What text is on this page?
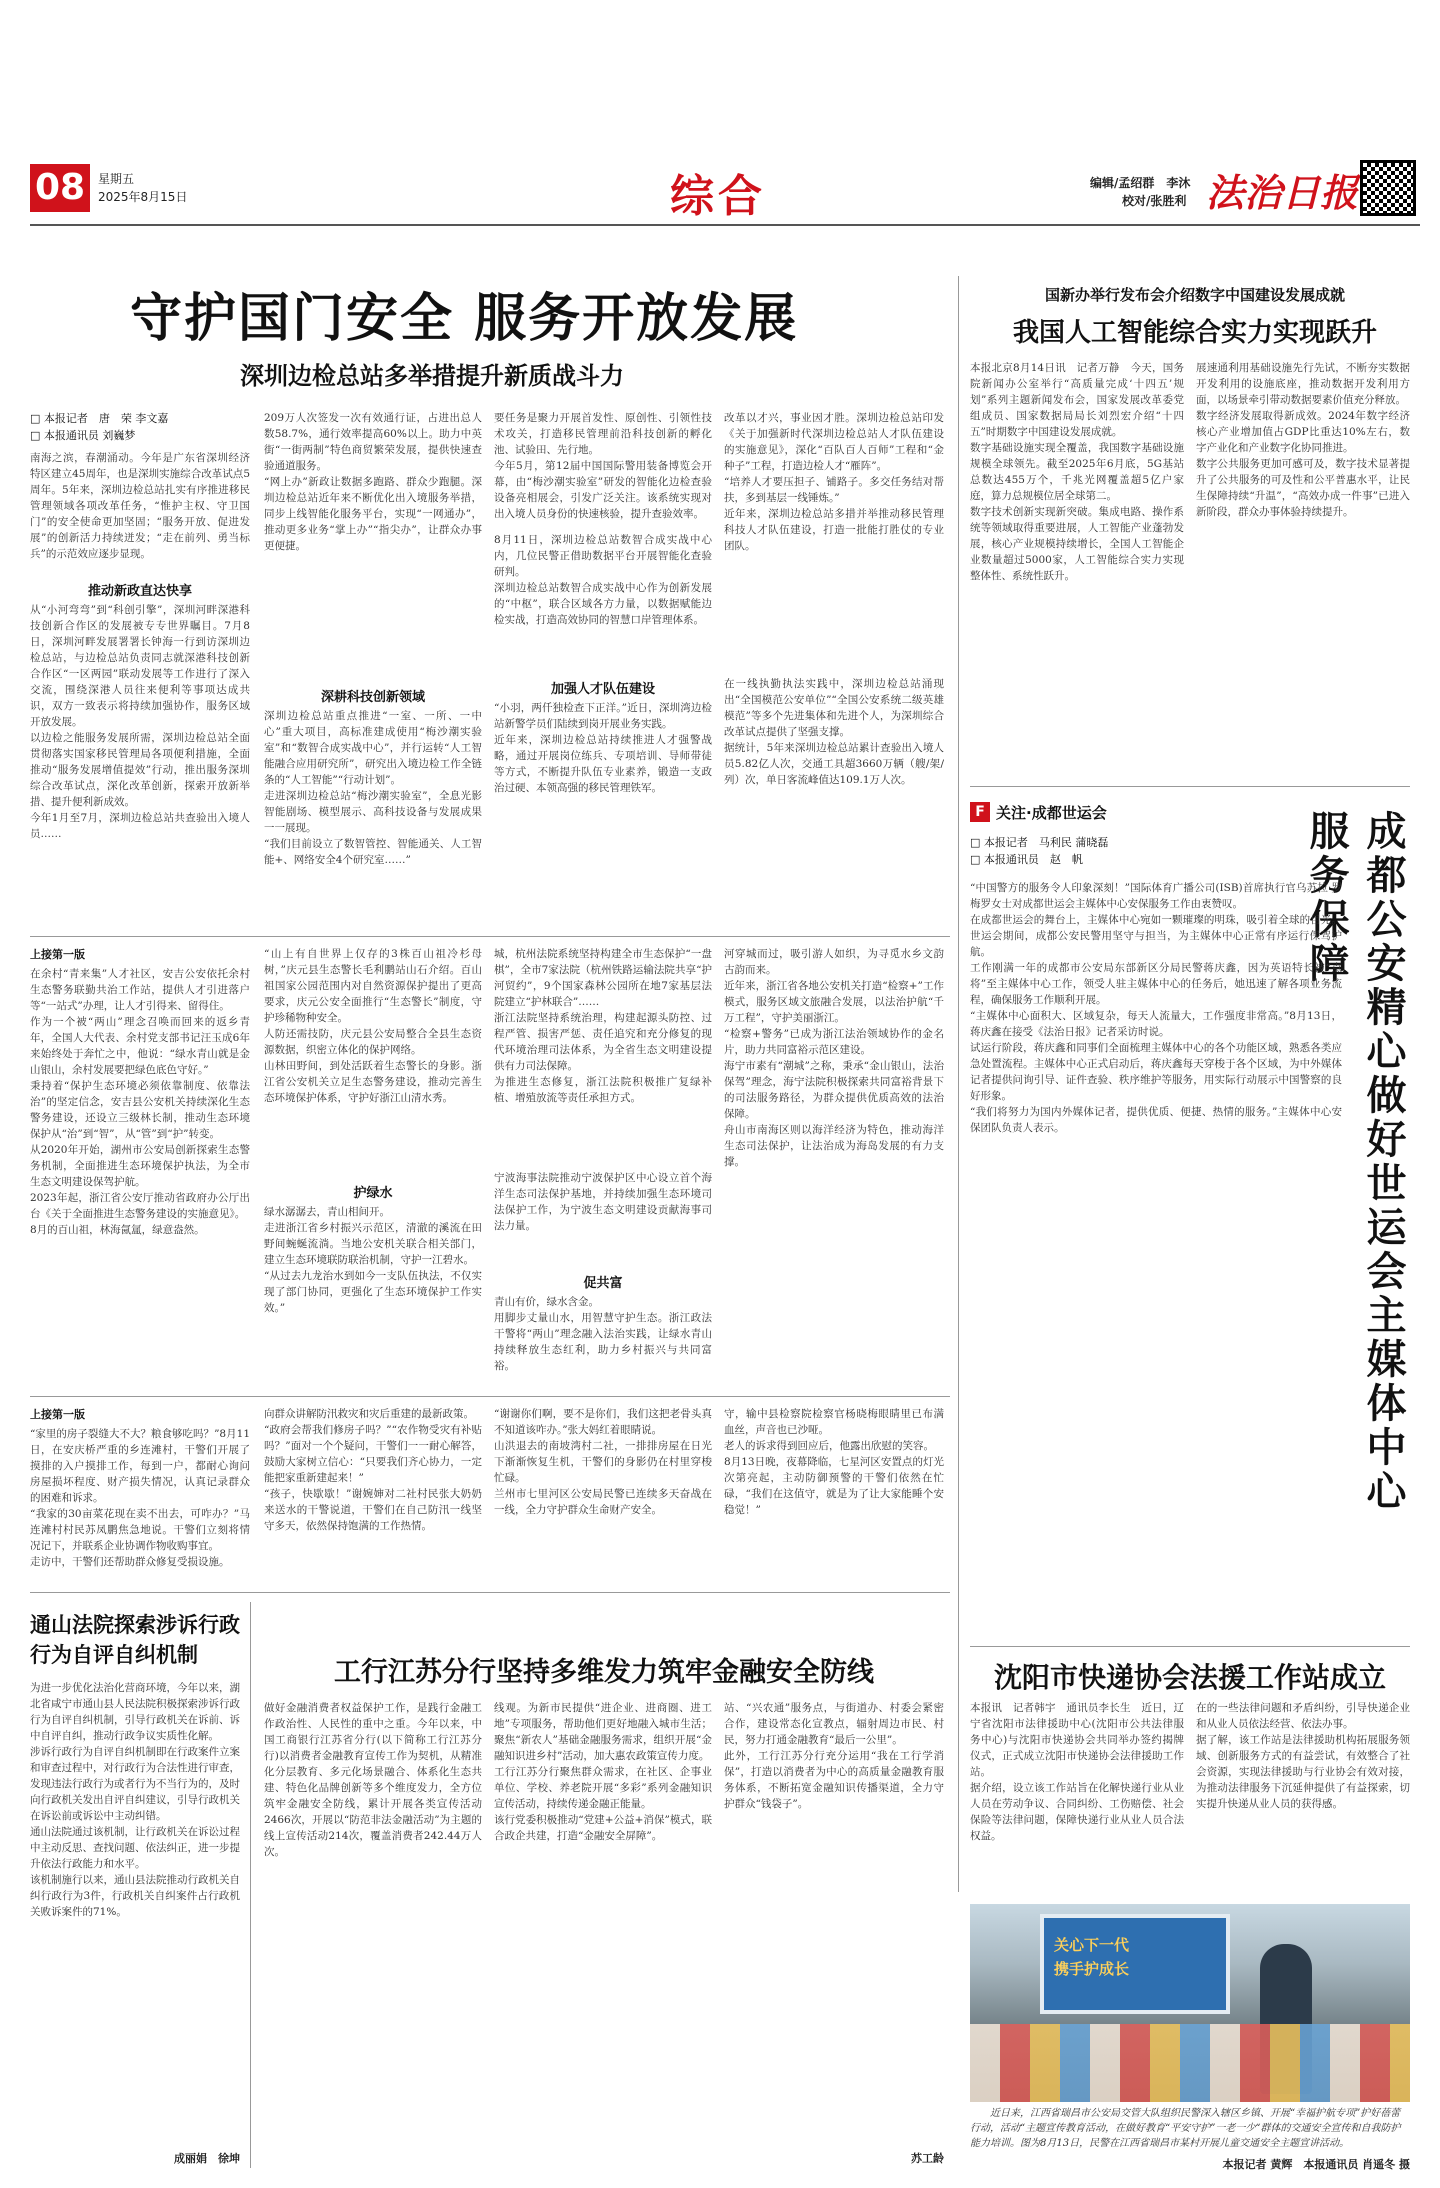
08	星期五
2025年8月15日	综合	编辑/孟绍群　李沐
校对/张胜利 法治日报
守护国门安全 服务开放发展
深圳边检总站多举措提升新质战斗力
□ 本报记者　唐　荣 李文嘉
□ 本报通讯员 刘巍梦
南海之滨，春潮涌动。今年是广东省深圳经济特区建立45周年，也是深圳实施综合改革试点5周年。5年来，深圳边检总站扎实有序推进移民管理领域各项改革任务，“惟护主权、守卫国门”的安全使命更加坚固；“服务开放、促进发展”的创新活力持续迸发；“走在前列、勇当标兵”的示范效应逐步显现。
推动新政直达快享
从“小河弯弯”到“科创引擎”，深圳河畔深港科技创新合作区的发展被专专世界瞩目。7月8日，深圳河畔发展署署长钟海一行到访深圳边检总站，与边检总站负责同志就深港科技创新合作区“一区两园”联动发展等工作进行了深入交流，围绕深港人员往来便利等事项达成共识，双方一致表示将持续加强协作，服务区域开放发展。
以边检之能服务发展所需，深圳边检总站全面贯彻落实国家移民管理局各项便利措施，全面推动“服务发展增值提效”行动，推出服务深圳综合改革试点，深化改革创新，探索开放新举措、提升便利新成效。
今年1月至7月，深圳边检总站共查验出入境人员……
209万人次签发一次有效通行证，占进出总人数58.7%，通行效率提高60%以上。助力中英街“一街两制”特色商贸繁荣发展，提供快速查验通道服务。
“网上办”新政让数据多跑路、群众少跑腿。深圳边检总站近年来不断优化出入境服务举措，同步上线智能化服务平台，实现“一网通办”，推动更多业务“掌上办”“指尖办”，让群众办事更便捷。
深耕科技创新领域
深圳边检总站重点推进“一室、一所、一中心”重大项目，高标准建成使用“梅沙潮实验室”和“数智合成实战中心”，并行运转“人工智能融合应用研究所”，研究出入境边检工作全链条的“人工智能”“行动计划”。
走进深圳边检总站“梅沙潮实验室”，全息光影智能剧场、模型展示、高科技设备与发展成果一一展现。
“我们目前设立了数智管控、智能通关、人工智能+、网络安全4个研究室……”
要任务是聚力开展首发性、原创性、引领性技术攻关，打造移民管理前沿科技创新的孵化池、试验田、先行地。
今年5月，第12届中国国际警用装备博览会开幕，由“梅沙潮实验室”研发的智能化边检查验设备亮相展会，引发广泛关注。该系统实现对出入境人员身份的快速核验，提升查验效率。
8月11日，深圳边检总站数智合成实战中心内，几位民警正借助数据平台开展智能化查验研判。
深圳边检总站数智合成实战中心作为创新发展的“中枢”，联合区域各方力量，以数据赋能边检实战，打造高效协同的智慧口岸管理体系。
加强人才队伍建设
“小羽，两仟独检查下正洋。”近日，深圳湾边检站新警学员们陆续到岗开展业务实践。
近年来，深圳边检总站持续推进人才强警战略，通过开展岗位练兵、专项培训、导师带徒等方式，不断提升队伍专业素养，锻造一支政治过硬、本领高强的移民管理铁军。
改革以才兴，事业因才胜。深圳边检总站印发《关于加强新时代深圳边检总站人才队伍建设的实施意见》，深化“百队百人百师”工程和“金种子”工程，打造边检人才“雁阵”。
“培养人才要压担子、铺路子。多交任务结对帮扶，多到基层一线锤炼。”
近年来，深圳边检总站多措并举推动移民管理科技人才队伍建设，打造一批能打胜仗的专业团队。
在一线执勤执法实践中，深圳边检总站涌现出“全国模范公安单位”“全国公安系统二级英雄模范”等多个先进集体和先进个人，为深圳综合改革试点提供了坚强支撑。
据统计，5年来深圳边检总站累计查验出入境人员5.82亿人次，交通工具超3660万辆（艘/架/列）次，单日客流峰值达109.1万人次。
国新办举行发布会介绍数字中国建设发展成就
我国人工智能综合实力实现跃升
本报北京8月14日讯　记者万静　今天，国务院新闻办公室举行“高质量完成‘十四五’规划”系列主题新闻发布会，国家发展改革委党组成员、国家数据局局长刘烈宏介绍“十四五”时期数字中国建设发展成就。
数字基础设施实现全覆盖，我国数字基础设施规模全球领先。截至2025年6月底，5G基站总数达455万个，千兆光网覆盖超5亿户家庭，算力总规模位居全球第二。
数字技术创新实现新突破。集成电路、操作系统等领域取得重要进展，人工智能产业蓬勃发展，核心产业规模持续增长，全国人工智能企业数量超过5000家，人工智能综合实力实现整体性、系统性跃升。
展速通利用基础设施先行先试，不断夯实数据开发利用的设施底座，推动数据开发利用方面，以场景牵引带动数据要素价值充分释放。
数字经济发展取得新成效。2024年数字经济核心产业增加值占GDP比重达10%左右，数字产业化和产业数字化协同推进。
数字公共服务更加可感可及，数字技术显著提升了公共服务的可及性和公平普惠水平，让民生保障持续“升温”，“高效办成一件事”已进入新阶段，群众办事体验持续提升。
F 关注·成都世运会
□ 本报记者　马利民 蒲晓磊
□ 本报通讯员　赵　帆	成都公安精心做好世运会主媒体中心服务保障
“中国警方的服务令人印象深刻！”国际体育广播公司(ISB)首席执行官乌苏拉·罗梅罗女士对成都世运会主媒体中心安保服务工作由衷赞叹。
在成都世运会的舞台上，主媒体中心宛如一颗璀璨的明珠，吸引着全球的目光。世运会期间，成都公安民警用坚守与担当，为主媒体中心正常有序运行保驾护航。
工作刚满一年的成都市公安局东部新区分局民警蒋庆鑫，因为英语特长被“点将”至主媒体中心工作，领受人驻主媒体中心的任务后，她迅速了解各项业务流程，确保服务工作顺利开展。
“主媒体中心面积大、区域复杂，每天人流量大，工作强度非常高。”8月13日，蒋庆鑫在接受《法治日报》记者采访时说。
试运行阶段，蒋庆鑫和同事们全面梳理主媒体中心的各个功能区域，熟悉各类应急处置流程。主媒体中心正式启动后，蒋庆鑫每天穿梭于各个区域，为中外媒体记者提供问询引导、证件查验、秩序维护等服务，用实际行动展示中国警察的良好形象。
“我们将努力为国内外媒体记者，提供优质、便捷、热情的服务。”主媒体中心安保团队负责人表示。
沈阳市快递协会法援工作站成立
本报讯　记者韩宇　通讯员李长生　近日，辽宁省沈阳市法律援助中心(沈阳市公共法律服务中心)与沈阳市快递协会共同举办签约揭牌仪式，正式成立沈阳市快递协会法律援助工作站。
据介绍，设立该工作站旨在化解快递行业从业人员在劳动争议、合同纠纷、工伤赔偿、社会保险等法律问题，保障快递行业从业人员合法权益。
在的一些法律问题和矛盾纠纷，引导快递企业和从业人员依法经营、依法办事。
据了解，该工作站是法律援助机构拓展服务领域、创新服务方式的有益尝试，有效整合了社会资源，实现法律援助与行业协会有效对接，为推动法律服务下沉延伸提供了有益探索，切实提升快递从业人员的获得感。
关心下一代
携手护成长
　　近日来，江西省瑞昌市公安局交管大队组织民警深入辖区乡镇、开展“幸福护航专项”护好蓓蕾行动，活动“主题宣传教育活动，在做好教育“平安守护”一老一少“群体的交通安全宣传和自我防护能力培训。图为8月13日，民警在江西省瑞昌市某村开展儿童交通安全主题宣讲活动。
本报记者 黄辉　本报通讯员 肖遥冬 摄
上接第一版
在余村“青来集”人才社区，安吉公安依托余村生态警务联勤共治工作站，提供人才引进落户等“一站式”办理，让人才引得来、留得住。
作为一个被“两山”理念召唤而回来的返乡青年，全国人大代表、余村党支部书记汪玉成6年来始终处于奔忙之中，他说：“绿水青山就是金山银山，余村发展要把绿色底色守好。”
秉持着“保护生态环境必须依靠制度、依靠法治”的坚定信念，安吉县公安机关持续深化生态警务建设，还设立三级林长制，推动生态环境保护从“治”到“智”，从“管”到“护”转变。
从2020年开始，湖州市公安局创新探索生态警务机制，全面推进生态环境保护执法，为全市生态文明建设保驾护航。
2023年起，浙江省公安厅推动省政府办公厅出台《关于全面推进生态警务建设的实施意见》。
8月的百山祖，林海氤氲，绿意盎然。
“山上有自世界上仅存的3株百山祖冷杉母树，”庆元县生态警长毛利鹏站山石介绍。百山祖国家公园范围内对自然资源保护提出了更高要求，庆元公安全面推行“生态警长”制度，守护珍稀物种安全。
人防还需技防，庆元县公安局整合全县生态资源数据，织密立体化的保护网络。
山林田野间，到处活跃着生态警长的身影。浙江省公安机关立足生态警务建设，推动完善生态环境保护体系，守护好浙江山清水秀。
护绿水
绿水潺潺去，青山相间开。
走进浙江省乡村振兴示范区，清澈的溪流在田野间蜿蜒流淌。当地公安机关联合相关部门，建立生态环境联防联治机制，守护一江碧水。
“从过去九龙治水到如今一支队伍执法，不仅实现了部门协同，更强化了生态环境保护工作实效。”
城，杭州法院系统坚持构建全市生态保护“一盘棋”，全市7家法院（杭州铁路运输法院共享“护河贸约”，9个国家森林公园所在地7家基层法院建立“护林联合”……
浙江法院坚持系统治理，构建起源头防控、过程严管、损害严惩、责任追究和充分修复的现代环境治理司法体系，为全省生态文明建设提供有力司法保障。
为推进生态修复，浙江法院积极推广复绿补植、增殖放流等责任承担方式。
宁波海事法院推动宁波保护区中心设立首个海洋生态司法保护基地，并持续加强生态环境司法保护工作，为宁波生态文明建设贡献海事司法力量。
促共富
青山有价，绿水含金。
用脚步丈量山水，用智慧守护生态。浙江政法干警将“两山”理念融入法治实践，让绿水青山持续释放生态红利，助力乡村振兴与共同富裕。
河穿城而过，吸引游人如织，为寻觅水乡文韵古韵而来。
近年来，浙江省各地公安机关打造“检察+”工作模式，服务区域文旅融合发展，以法治护航“千万工程”，守护美丽浙江。
“检察+警务”已成为浙江法治领域协作的金名片，助力共同富裕示范区建设。
海宁市素有“潮城”之称，秉承“金山银山，法治保驾”理念，海宁法院积极探索共同富裕背景下的司法服务路径，为群众提供优质高效的法治保障。
舟山市南海区则以海洋经济为特色，推动海洋生态司法保护，让法治成为海岛发展的有力支撑。
上接第一版
“家里的房子裂缝大不大？粮食够吃吗？”8月11日，在安庆桥严重的乡连滩村，干警们开展了摸排的入户摸排工作，每到一户，都耐心询问房屋损坏程度、财产损失情况，认真记录群众的困难和诉求。
“我家的30亩菜花现在卖不出去，可咋办？”马连滩村村民苏凤鹏焦急地说。干警们立刻将情况记下，并联系企业协调作物收购事宜。
走访中，干警们还帮助群众修复受损设施。
向群众讲解防汛救灾和灾后重建的最新政策。
“政府会帮我们修房子吗？”“农作物受灾有补贴吗？”面对一个个疑问，干警们一一耐心解答，鼓励大家树立信心：“只要我们齐心协力，一定能把家重新建起来！”
“孩子，快歇歇！”谢婉婶对二社村民张大奶奶来送水的干警说道，干警们在自己防汛一线坚守多天，依然保持饱满的工作热情。
“谢谢你们啊，要不是你们，我们这把老骨头真不知道该咋办。”张大妈红着眼睛说。
山洪退去的南坡湾村二社，一排排房屋在日光下渐渐恢复生机，干警们的身影仍在村里穿梭忙碌。
兰州市七里河区公安局民警已连续多天奋战在一线，全力守护群众生命财产安全。
守，输中县检察院检察官杨晓梅眼睛里已布满血丝，声音也已沙哑。
老人的诉求得到回应后，他露出欣慰的笑容。
8月13日晚，夜幕降临，七星河区安置点的灯光次第亮起，主动防御预警的干警们依然在忙碌，“我们在这值守，就是为了让大家能睡个安稳觉！”
通山法院探索涉诉行政行为自评自纠机制
为进一步优化法治化营商环境，今年以来，湖北省咸宁市通山县人民法院积极探索涉诉行政行为自评自纠机制，引导行政机关在诉前、诉中自评自纠，推动行政争议实质性化解。
涉诉行政行为自评自纠机制即在行政案件立案和审查过程中，对行政行为合法性进行审查，发现违法行政行为或者行为不当行为的，及时向行政机关发出自评自纠建议，引导行政机关在诉讼前或诉讼中主动纠错。
通山法院通过该机制，让行政机关在诉讼过程中主动反思、查找问题、依法纠正，进一步提升依法行政能力和水平。
该机制施行以来，通山县法院推动行政机关自纠行政行为3件，行政机关自纠案件占行政机关败诉案件的71%。
成丽娟　徐坤
工行江苏分行坚持多维发力筑牢金融安全防线
做好金融消费者权益保护工作，是践行金融工作政治性、人民性的重中之重。今年以来，中国工商银行江苏省分行(以下简称工行江苏分行)以消费者金融教育宣传工作为契机，从精准化分层教育、多元化场景融合、体系化生态共建、特色化品牌创新等多个维度发力，全方位筑牢金融安全防线，累计开展各类宣传活动2466次，开展以“防范非法金融活动”为主题的线上宣传活动214次，覆盖消费者242.44万人次。
线观。为新市民提供“进企业、进商圈、进工地”专项服务，帮助他们更好地融入城市生活；聚焦“新农人”基础金融服务需求，组织开展“金融知识进乡村”活动，加大惠农政策宣传力度。
工行江苏分行聚焦群众需求，在社区、企事业单位、学校、养老院开展“多彩”系列金融知识宣传活动，持续传递金融正能量。
该行党委积极推动“党建+公益+消保”模式，联合政企共建，打造“金融安全屏障”。
站、“兴农通”服务点，与街道办、村委会紧密合作，建设常态化宣教点，辐射周边市民、村民，努力打通金融教育“最后一公里”。
此外，工行江苏分行充分运用“我在工行学消保”，打造以消费者为中心的高质量金融教育服务体系，不断拓宽金融知识传播渠道，全力守护群众“钱袋子”。
苏工龄
